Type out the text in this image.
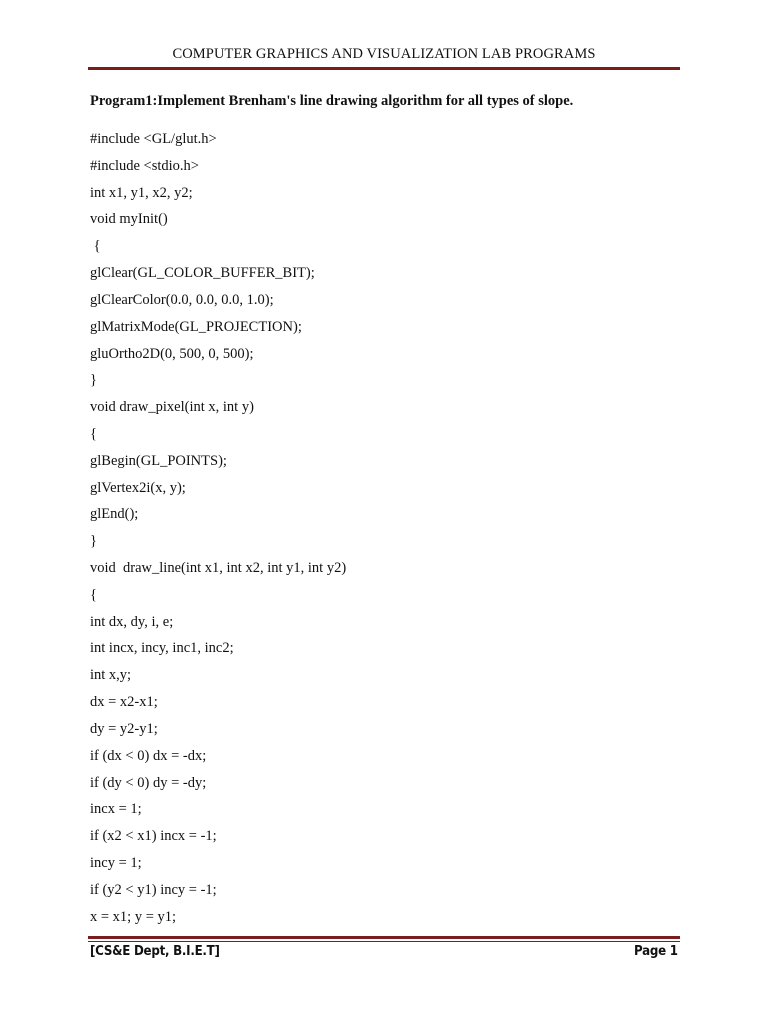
COMPUTER GRAPHICS AND VISUALIZATION LAB PROGRAMS
Program1:Implement Brenham's line drawing algorithm for all types of slope.
#include <GL/glut.h>
#include <stdio.h>
int x1, y1, x2, y2;
void myInit()
{
glClear(GL_COLOR_BUFFER_BIT);
glClearColor(0.0, 0.0, 0.0, 1.0);
glMatrixMode(GL_PROJECTION);
gluOrtho2D(0, 500, 0, 500);
}
void draw_pixel(int x, int y)
{
glBegin(GL_POINTS);
glVertex2i(x, y);
glEnd();
}
void  draw_line(int x1, int x2, int y1, int y2)
{
int dx, dy, i, e;
int incx, incy, inc1, inc2;
int x,y;
dx = x2-x1;
dy = y2-y1;
if (dx < 0) dx = -dx;
if (dy < 0) dy = -dy;
incx = 1;
if (x2 < x1) incx = -1;
incy = 1;
if (y2 < y1) incy = -1;
x = x1; y = y1;
[CS&E Dept, B.I.E.T]	Page 1
